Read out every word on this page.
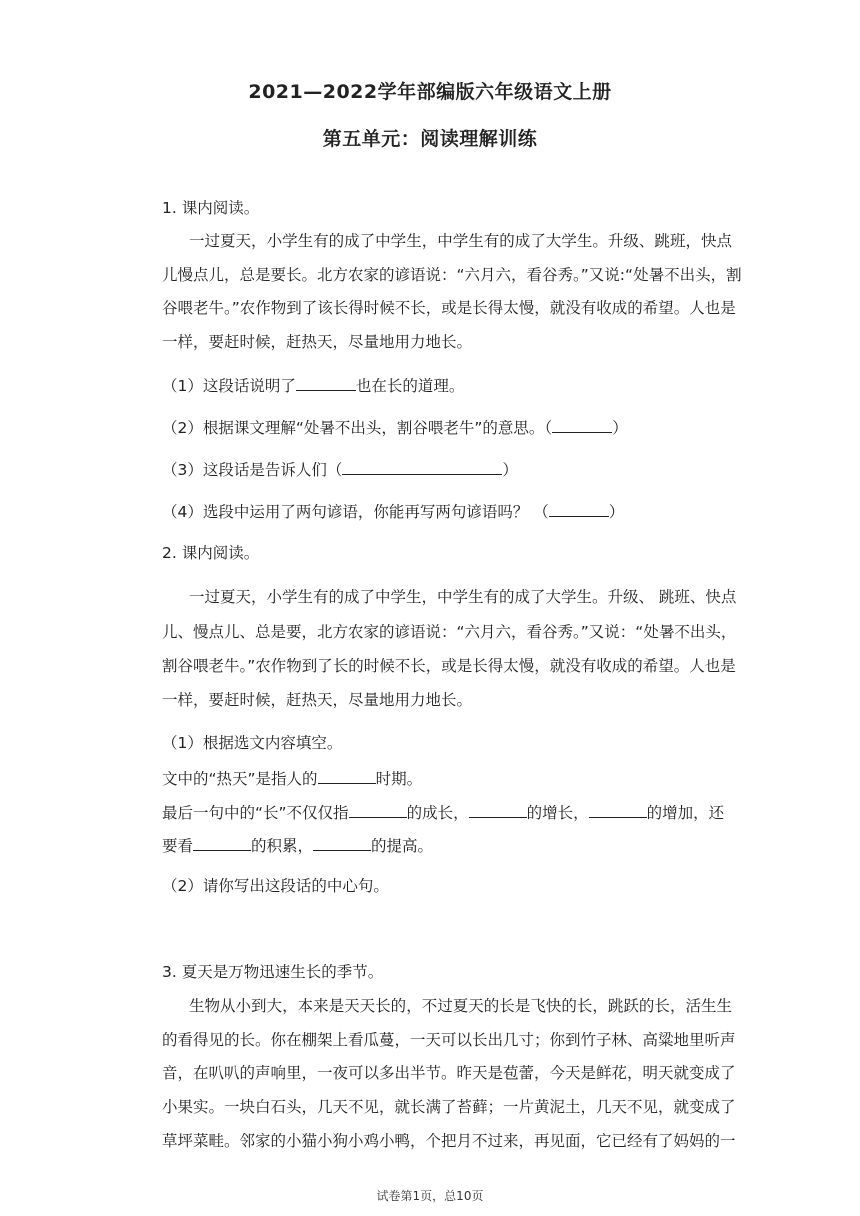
2021—2022学年部编版六年级语文上册
第五单元：阅读理解训练
1. 课内阅读。
一过夏天，小学生有的成了中学生，中学生有的成了大学生。升级、跳班，快点
儿慢点儿，总是要长。北方农家的谚语说：“六月六，看谷秀。”又说:“处暑不出头，割
谷喂老牛。”农作物到了该长得时候不长，或是长得太慢，就没有收成的希望。人也是
一样，要赶时候，赶热天，尽量地用力地长。
（1）这段话说明了	也在长的道理。
（2）根据课文理解“处暑不出头，割谷喂老牛”的意思。（	）
（3）这段话是告诉人们（	）
（4）选段中运用了两句谚语，你能再写两句谚语吗？ （	）
2. 课内阅读。
一过夏天，小学生有的成了中学生，中学生有的成了大学生。升级、 跳班、快点
儿、慢点儿、总是要，北方农家的谚语说：“六月六，看谷秀。”又说：“处暑不出头，
割谷喂老牛。”农作物到了长的时候不长，或是长得太慢，就没有收成的希望。人也是
一样，要赶时候，赶热天，尽量地用力地长。
（1）根据选文内容填空。
文中的“热天”是指人的	时期。
最后一句中的“长”不仅仅指	的成长，	的增长，	的增加，还
要看	的积累，	的提高。
（2）请你写出这段话的中心句。
3. 夏天是万物迅速生长的季节。
生物从小到大，本来是天天长的，不过夏天的长是飞快的长，跳跃的长，活生生
的看得见的长。你在棚架上看瓜蔓，一天可以长出几寸；你到竹子林、高粱地里听声
音，在叭叭的声响里，一夜可以多出半节。昨天是苞蕾，今天是鲜花，明天就变成了
小果实。一块白石头，几天不见，就长满了苔藓；一片黄泥土，几天不见，就变成了
草坪菜畦。邻家的小猫小狗小鸡小鸭，个把月不过来，再见面，它已经有了妈妈的一
试卷第1页，总10页
